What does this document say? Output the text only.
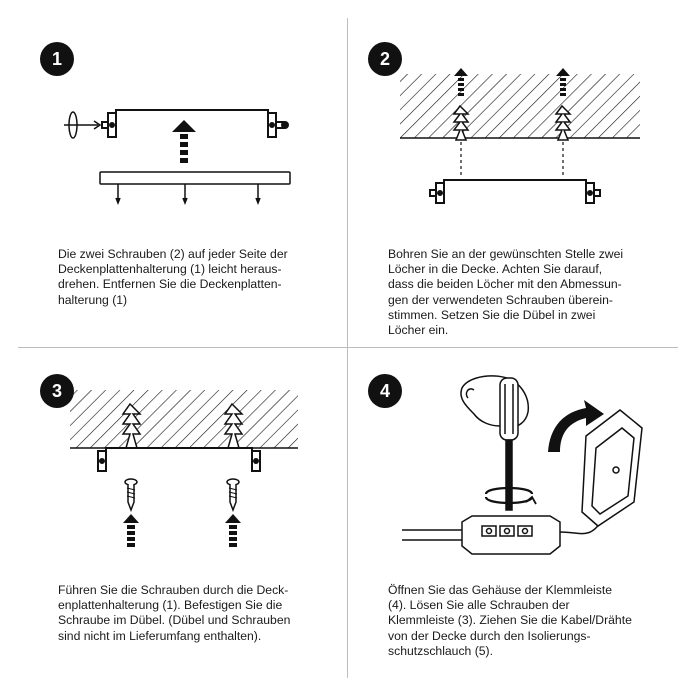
1

Die zwei Schrauben (2) auf jeder Seite der
Deckenplattenhalterung (1) leicht heraus-
drehen. Entfernen Sie die Deckenplatten-
halterung (1)

2

Bohren Sie an der gewünschten Stelle zwei
Löcher in die Decke. Achten Sie darauf,
dass die beiden Löcher mit den Abmessun-
gen der verwendeten Schrauben überein-
stimmen. Setzen Sie die Dübel in zwei
Löcher ein.

3

Führen Sie die Schrauben durch die Deck-
enplattenhalterung (1). Befestigen Sie die
Schraube im Dübel. (Dübel und Schrauben
sind nicht im Lieferumfang enthalten).

4

Öffnen Sie das Gehäuse der Klemmleiste
(4). Lösen Sie alle Schrauben der
Klemmleiste (3). Ziehen Sie die Kabel/Drähte
von der Decke durch den Isolierungs-
schutzschlauch (5).
